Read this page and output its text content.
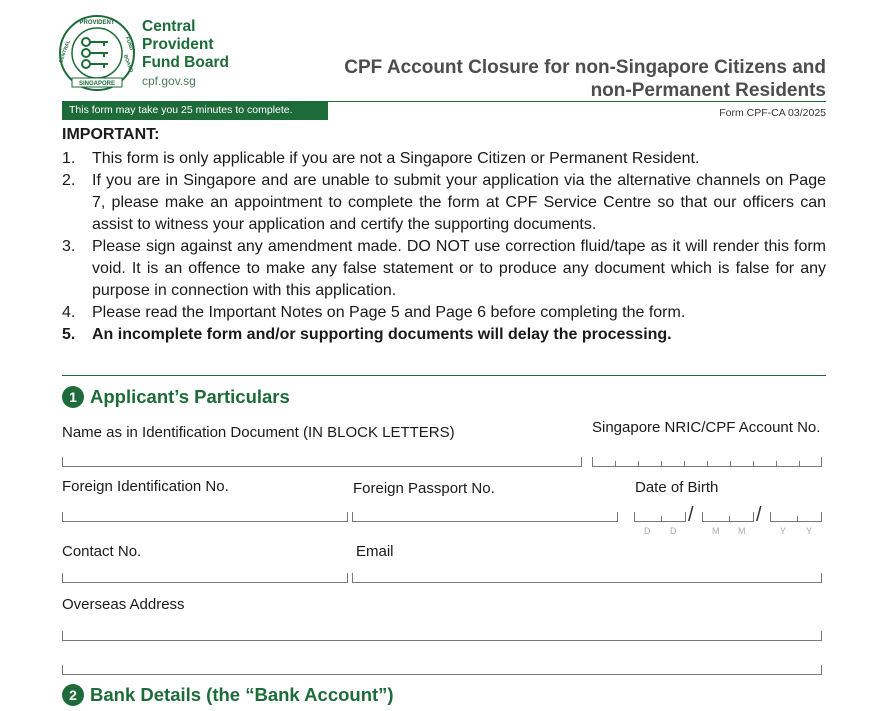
PROVIDENT
CENTRAL	FUND
BOARD
SINGAPORE
Central
Provident
Fund Board
cpf.gov.sg
CPF Account Closure for non-Singapore Citizens and
non-Permanent Residents
This form may take you 25 minutes to complete.	Form CPF-CA 03/2025
IMPORTANT:
1. This form is only applicable if you are not a Singapore Citizen or Permanent Resident.
2. If you are in Singapore and are unable to submit your application via the alternative channels on Page 7, please make an appointment to complete the form at CPF Service Centre so that our officers can assist to witness your application and certify the supporting documents.
3. Please sign against any amendment made. DO NOT use correction fluid/tape as it will render this form void. It is an offence to make any false statement or to produce any document which is false for any purpose in connection with this application.
4. Please read the Important Notes on Page 5 and Page 6 before completing the form.
5. An incomplete form and/or supporting documents will delay the processing.
1 Applicant’s Particulars
Name as in Identification Document (IN BLOCK LETTERS)	Singapore NRIC/CPF Account No.
Foreign Identification No.	Foreign Passport No.	Date of Birth
/	/
D D	M M	Y Y
Contact No.	Email
Overseas Address
2 Bank Details (the “Bank Account”)
